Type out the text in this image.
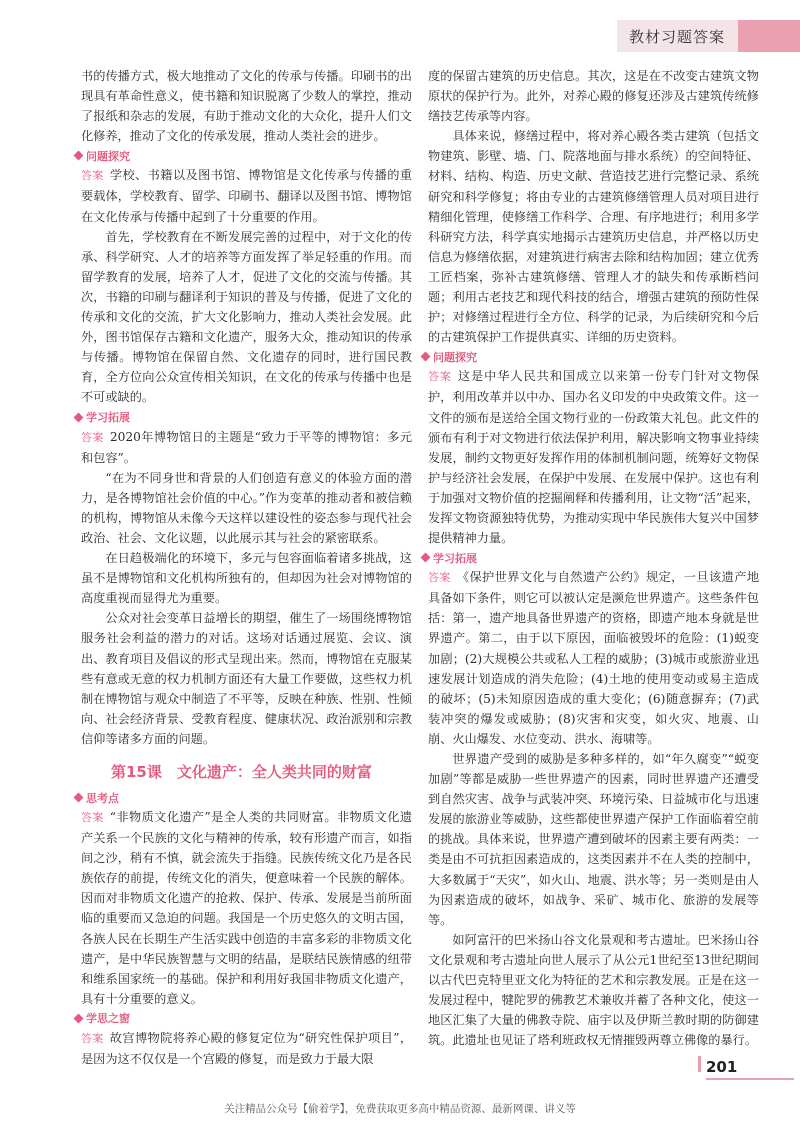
教材习题答案

书的传播方式，极大地推动了文化的传承与传播。印刷书的出现具有革命性意义，使书籍和知识脱离了少数人的掌控，推动了报纸和杂志的发展，有助于推动文化的大众化，提升人们文化修养，推动了文化的传承发展，推动人类社会的进步。

问题探究

答案 学校、书籍以及图书馆、博物馆是文化传承与传播的重要载体，学校教育、留学、印刷书、翻译以及图书馆、博物馆在文化传承与传播中起到了十分重要的作用。

首先，学校教育在不断发展完善的过程中，对于文化的传承、科学研究、人才的培养等方面发挥了举足轻重的作用。而留学教育的发展，培养了人才，促进了文化的交流与传播。其次，书籍的印刷与翻译利于知识的普及与传播，促进了文化的传承和文化的交流，扩大文化影响力，推动人类社会发展。此外，图书馆保存古籍和文化遗产，服务大众，推动知识的传承与传播。博物馆在保留自然、文化遗存的同时，进行国民教育，全方位向公众宣传相关知识，在文化的传承与传播中也是不可或缺的。

学习拓展

答案 2020年博物馆日的主题是“致力于平等的博物馆：多元和包容”。

“在为不同身世和背景的人们创造有意义的体验方面的潜力，是各博物馆社会价值的中心。”作为变革的推动者和被信赖的机构，博物馆从未像今天这样以建设性的姿态参与现代社会政治、社会、文化议题，以此展示其与社会的紧密联系。

在日趋极端化的环境下，多元与包容面临着诸多挑战，这虽不是博物馆和文化机构所独有的，但却因为社会对博物馆的高度重视而显得尤为重要。

公众对社会变革日益增长的期望，催生了一场围绕博物馆服务社会利益的潜力的对话。这场对话通过展览、会议、演出、教育项目及倡议的形式呈现出来。然而，博物馆在克服某些有意或无意的权力机制方面还有大量工作要做，这些权力机制在博物馆与观众中制造了不平等，反映在种族、性别、性倾向、社会经济背景、受教育程度、健康状况、政治派别和宗教信仰等诸多方面的问题。

第15课　文化遗产：全人类共同的财富
思考点

答案 “非物质文化遗产”是全人类的共同财富。非物质文化遗产关系一个民族的文化与精神的传承，较有形遗产而言，如指间之沙，稍有不慎，就会流失于指缝。民族传统文化乃是各民族依存的前提，传统文化的消失，便意味着一个民族的解体。因而对非物质文化遗产的抢救、保护、传承、发展是当前所面临的重要而又急迫的问题。我国是一个历史悠久的文明古国，各族人民在长期生产生活实践中创造的丰富多彩的非物质文化遗产，是中华民族智慧与文明的结晶，是联结民族情感的纽带和维系国家统一的基础。保护和利用好我国非物质文化遗产，具有十分重要的意义。

学思之窗

答案 故宫博物院将养心殿的修复定位为“研究性保护项目”，是因为这不仅仅是一个宫殿的修复，而是致力于最大限

度的保留古建筑的历史信息。其次，这是在不改变古建筑文物原状的保护行为。此外，对养心殿的修复还涉及古建筑传统修缮技艺传承等内容。

具体来说，修缮过程中，将对养心殿各类古建筑（包括文物建筑、影壁、墙、门、院落地面与排水系统）的空间特征、材料、结构、构造、历史文献、营造技艺进行完整记录、系统研究和科学修复；将由专业的古建筑修缮管理人员对项目进行精细化管理，使修缮工作科学、合理、有序地进行；利用多学科研究方法，科学真实地揭示古建筑历史信息，并严格以历史信息为修缮依据，对建筑进行病害去除和结构加固；建立优秀工匠档案，弥补古建筑修缮、管理人才的缺失和传承断档问题；利用古老技艺和现代科技的结合，增强古建筑的预防性保护；对修缮过程进行全方位、科学的记录，为后续研究和今后的古建筑保护工作提供真实、详细的历史资料。

问题探究

答案 这是中华人民共和国成立以来第一份专门针对文物保护，利用改革并以中办、国办名义印发的中央政策文件。这一文件的颁布是送给全国文物行业的一份政策大礼包。此文件的颁布有利于对文物进行依法保护利用，解决影响文物事业持续发展，制约文物更好发挥作用的体制机制问题，统筹好文物保护与经济社会发展，在保护中发展、在发展中保护。这也有利于加强对文物价值的挖掘阐释和传播利用，让文物“活”起来，发挥文物资源独特优势，为推动实现中华民族伟大复兴中国梦提供精神力量。

学习拓展

答案 《保护世界文化与自然遗产公约》规定，一旦该遗产地具备如下条件，则它可以被认定是濒危世界遗产。这些条件包括：第一，遗产地具备世界遗产的资格，即遗产地本身就是世界遗产。第二，由于以下原因，面临被毁坏的危险：(1)蜕变加剧；(2)大规模公共或私人工程的威胁；(3)城市或旅游业迅速发展计划造成的消失危险；(4)土地的使用变动或易主造成的破坏；(5)未知原因造成的重大变化；(6)随意摒弃；(7)武装冲突的爆发或威胁；(8)灾害和灾变，如火灾、地震、山崩、火山爆发、水位变动、洪水、海啸等。

世界遗产受到的威胁是多种多样的，如“年久腐变”“蜕变加剧”等都是威胁一些世界遗产的因素，同时世界遗产还遭受到自然灾害、战争与武装冲突、环境污染、日益城市化与迅速发展的旅游业等威胁，这些都使世界遗产保护工作面临着空前的挑战。具体来说，世界遗产遭到破坏的因素主要有两类：一类是由不可抗拒因素造成的，这类因素并不在人类的控制中，大多数属于“天灾”，如火山、地震、洪水等；另一类则是由人为因素造成的破坏，如战争、采矿、城市化、旅游的发展等等。

如阿富汗的巴米扬山谷文化景观和考古遗址。巴米扬山谷文化景观和考古遗址向世人展示了从公元1世纪至13世纪期间以古代巴克特里亚文化为特征的艺术和宗教发展。正是在这一发展过程中，犍陀罗的佛教艺术兼收并蓄了各种文化，使这一地区汇集了大量的佛教寺院、庙宇以及伊斯兰教时期的防御建筑。此遗址也见证了塔利班政权无情摧毁两尊立佛像的暴行。

201
关注精品公众号【偷着学】，免费获取更多高中精品资源、最新网课、讲义等
